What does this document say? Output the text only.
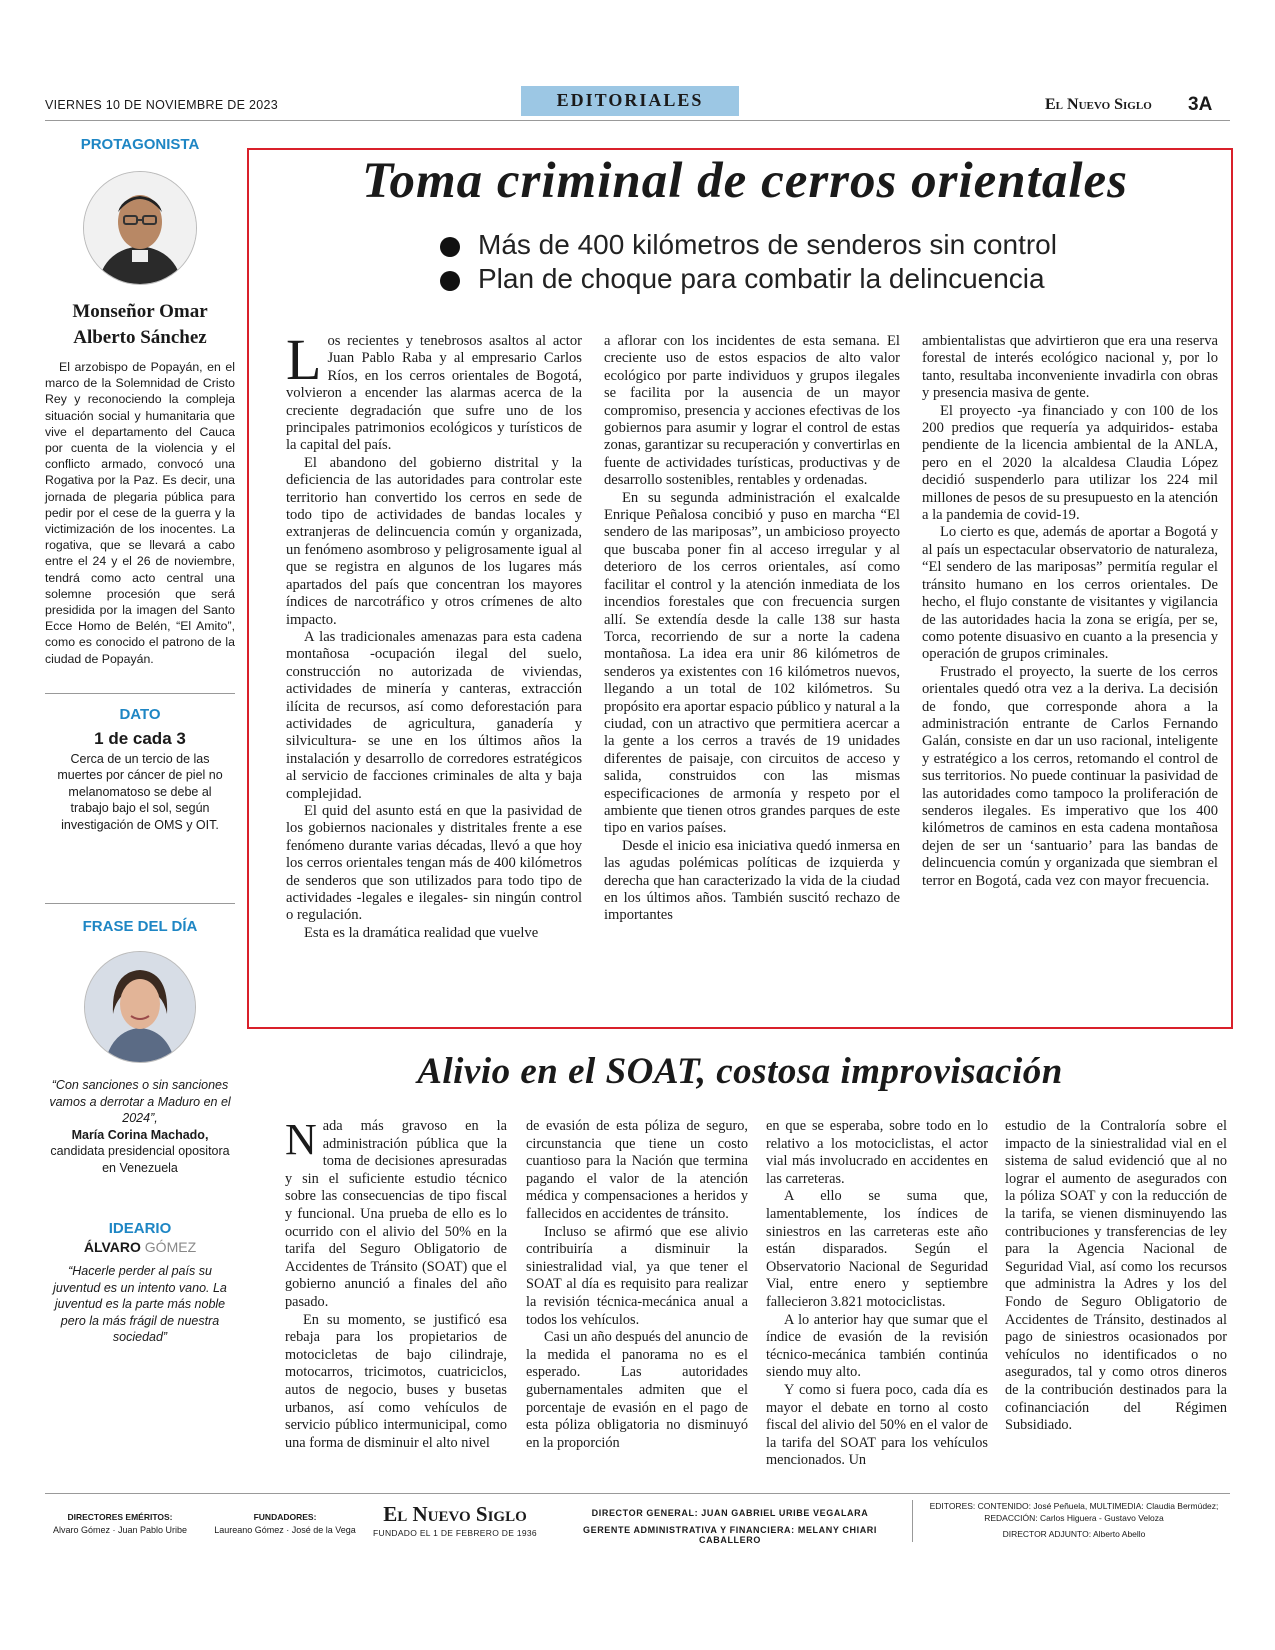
VIERNES 10 DE NOVIEMBRE DE 2023	EDITORIALES	El Nuevo Siglo 3A
PROTAGONISTA
Monseñor Omar
Alberto Sánchez
El arzobispo de Popayán, en el marco de la Solemnidad de Cristo Rey y reconociendo la compleja situación social y humanitaria que vive el departamento del Cauca por cuenta de la violencia y el conflicto armado, convocó una Rogativa por la Paz. Es decir, una jornada de plegaria pública para pedir por el cese de la guerra y la victimización de los inocentes. La rogativa, que se llevará a cabo entre el 24 y el 26 de noviembre, tendrá como acto central una solemne procesión que será presidida por la imagen del Santo Ecce Homo de Belén, “El Amito”, como es conocido el patrono de la ciudad de Popayán.
DATO
1 de cada 3
Cerca de un tercio de las muertes por cáncer de piel no melanomatoso se debe al trabajo bajo el sol, según investigación de OMS y OIT.
FRASE DEL DÍA
“Con sanciones o sin sanciones vamos a derrotar a Maduro en el 2024”,
María Corina Machado,
candidata presidencial opositora en Venezuela
IDEARIO
ÁLVARO GÓMEZ
“Hacerle perder al país su juventud es un intento vano. La juventud es la parte más noble pero la más frágil de nuestra sociedad”
Toma criminal de cerros orientales
Más de 400 kilómetros de senderos sin control
Plan de choque para combatir la delincuencia

Los recientes y tenebrosos asaltos al actor Juan Pablo Raba y al empresario Carlos Ríos, en los cerros orientales de Bogotá, volvieron a encender las alarmas acerca de la creciente degradación que sufre uno de los principales patrimonios ecológicos y turísticos de la capital del país.

El abandono del gobierno distrital y la deficiencia de las autoridades para controlar este territorio han convertido los cerros en sede de todo tipo de actividades de bandas locales y extranjeras de delincuencia común y organizada, un fenómeno asombroso y peligrosamente igual al que se registra en algunos de los lugares más apartados del país que concentran los mayores índices de narcotráfico y otros crímenes de alto impacto.

A las tradicionales amenazas para esta cadena montañosa -ocupación ilegal del suelo, construcción no autorizada de viviendas, actividades de minería y canteras, extracción ilícita de recursos, así como deforestación para actividades de agricultura, ganadería y silvicultura- se une en los últimos años la instalación y desarrollo de corredores estratégicos al servicio de facciones criminales de alta y baja complejidad.

El quid del asunto está en que la pasividad de los gobiernos nacionales y distritales frente a ese fenómeno durante varias décadas, llevó a que hoy los cerros orientales tengan más de 400 kilómetros de senderos que son utilizados para todo tipo de actividades -legales e ilegales- sin ningún control o regulación.

Esta es la dramática realidad que vuelve

a aflorar con los incidentes de esta semana. El creciente uso de estos espacios de alto valor ecológico por parte individuos y grupos ilegales se facilita por la ausencia de un mayor compromiso, presencia y acciones efectivas de los gobiernos para asumir y lograr el control de estas zonas, garantizar su recuperación y convertirlas en fuente de actividades turísticas, productivas y de desarrollo sostenibles, rentables y ordenadas.

En su segunda administración el exalcalde Enrique Peñalosa concibió y puso en marcha “El sendero de las mariposas”, un ambicioso proyecto que buscaba poner fin al acceso irregular y al deterioro de los cerros orientales, así como facilitar el control y la atención inmediata de los incendios forestales que con frecuencia surgen allí. Se extendía desde la calle 138 sur hasta Torca, recorriendo de sur a norte la cadena montañosa. La idea era unir 86 kilómetros de senderos ya existentes con 16 kilómetros nuevos, llegando a un total de 102 kilómetros. Su propósito era aportar espacio público y natural a la ciudad, con un atractivo que permitiera acercar a la gente a los cerros a través de 19 unidades diferentes de paisaje, con circuitos de acceso y salida, construidos con las mismas especificaciones de armonía y respeto por el ambiente que tienen otros grandes parques de este tipo en varios países.

Desde el inicio esa iniciativa quedó inmersa en las agudas polémicas políticas de izquierda y derecha que han caracterizado la vida de la ciudad en los últimos años. También suscitó rechazo de importantes

ambientalistas que advirtieron que era una reserva forestal de interés ecológico nacional y, por lo tanto, resultaba inconveniente invadirla con obras y presencia masiva de gente.

El proyecto -ya financiado y con 100 de los 200 predios que requería ya adquiridos- estaba pendiente de la licencia ambiental de la ANLA, pero en el 2020 la alcaldesa Claudia López decidió suspenderlo para utilizar los 224 mil millones de pesos de su presupuesto en la atención a la pandemia de covid-19.

Lo cierto es que, además de aportar a Bogotá y al país un espectacular observatorio de naturaleza, “El sendero de las mariposas” permitía regular el tránsito humano en los cerros orientales. De hecho, el flujo constante de visitantes y vigilancia de las autoridades hacia la zona se erigía, per se, como potente disuasivo en cuanto a la presencia y operación de grupos criminales.

Frustrado el proyecto, la suerte de los cerros orientales quedó otra vez a la deriva. La decisión de fondo, que corresponde ahora a la administración entrante de Carlos Fernando Galán, consiste en dar un uso racional, inteligente y estratégico a los cerros, retomando el control de sus territorios. No puede continuar la pasividad de las autoridades como tampoco la proliferación de senderos ilegales. Es imperativo que los 400 kilómetros de caminos en esta cadena montañosa dejen de ser un ‘santuario’ para las bandas de delincuencia común y organizada que siembran el terror en Bogotá, cada vez con mayor frecuencia.

Alivio en el SOAT, costosa improvisación

Nada más gravoso en la administración pública que la toma de decisiones apresuradas y sin el suficiente estudio técnico sobre las consecuencias de tipo fiscal y funcional. Una prueba de ello es lo ocurrido con el alivio del 50% en la tarifa del Seguro Obligatorio de Accidentes de Tránsito (SOAT) que el gobierno anunció a finales del año pasado.

En su momento, se justificó esa rebaja para los propietarios de motocicletas de bajo cilindraje, motocarros, tricimotos, cuatriciclos, autos de negocio, buses y busetas urbanos, así como vehículos de servicio público intermunicipal, como una forma de disminuir el alto nivel

de evasión de esta póliza de seguro, circunstancia que tiene un costo cuantioso para la Nación que termina pagando el valor de la atención médica y compensaciones a heridos y fallecidos en accidentes de tránsito.

Incluso se afirmó que ese alivio contribuiría a disminuir la siniestralidad vial, ya que tener el SOAT al día es requisito para realizar la revisión técnica-mecánica anual a todos los vehículos.

Casi un año después del anuncio de la medida el panorama no es el esperado. Las autoridades gubernamentales admiten que el porcentaje de evasión en el pago de esta póliza obligatoria no disminuyó en la proporción

en que se esperaba, sobre todo en lo relativo a los motociclistas, el actor vial más involucrado en accidentes en las carreteras.

A ello se suma que, lamentablemente, los índices de siniestros en las carreteras este año están disparados. Según el Observatorio Nacional de Seguridad Vial, entre enero y septiembre fallecieron 3.821 motociclistas.

A lo anterior hay que sumar que el índice de evasión de la revisión técnico-mecánica también continúa siendo muy alto.

Y como si fuera poco, cada día es mayor el debate en torno al costo fiscal del alivio del 50% en el valor de la tarifa del SOAT para los vehículos mencionados. Un

estudio de la Contraloría sobre el impacto de la siniestralidad vial en el sistema de salud evidenció que al no lograr el aumento de asegurados con la póliza SOAT y con la reducción de la tarifa, se vienen disminuyendo las contribuciones y transferencias de ley para la Agencia Nacional de Seguridad Vial, así como los recursos que administra la Adres y los del Fondo de Seguro Obligatorio de Accidentes de Tránsito, destinados al pago de siniestros ocasionados por vehículos no identificados o no asegurados, tal y como otros dineros de la contribución destinados para la cofinanciación del Régimen Subsidiado.

DIRECTORES EMÉRITOS:
Alvaro Gómez · Juan Pablo Uribe
FUNDADORES:
Laureano Gómez · José de la Vega
El Nuevo Siglo
FUNDADO EL 1 DE FEBRERO DE 1936
DIRECTOR GENERAL: JUAN GABRIEL URIBE VEGALARA
GERENTE ADMINISTRATIVA Y FINANCIERA: MELANY CHIARI CABALLERO
EDITORES: CONTENIDO: José Peñuela, MULTIMEDIA: Claudia Bermúdez;
REDACCIÓN: Carlos Higuera - Gustavo Veloza
DIRECTOR ADJUNTO: Alberto Abello
